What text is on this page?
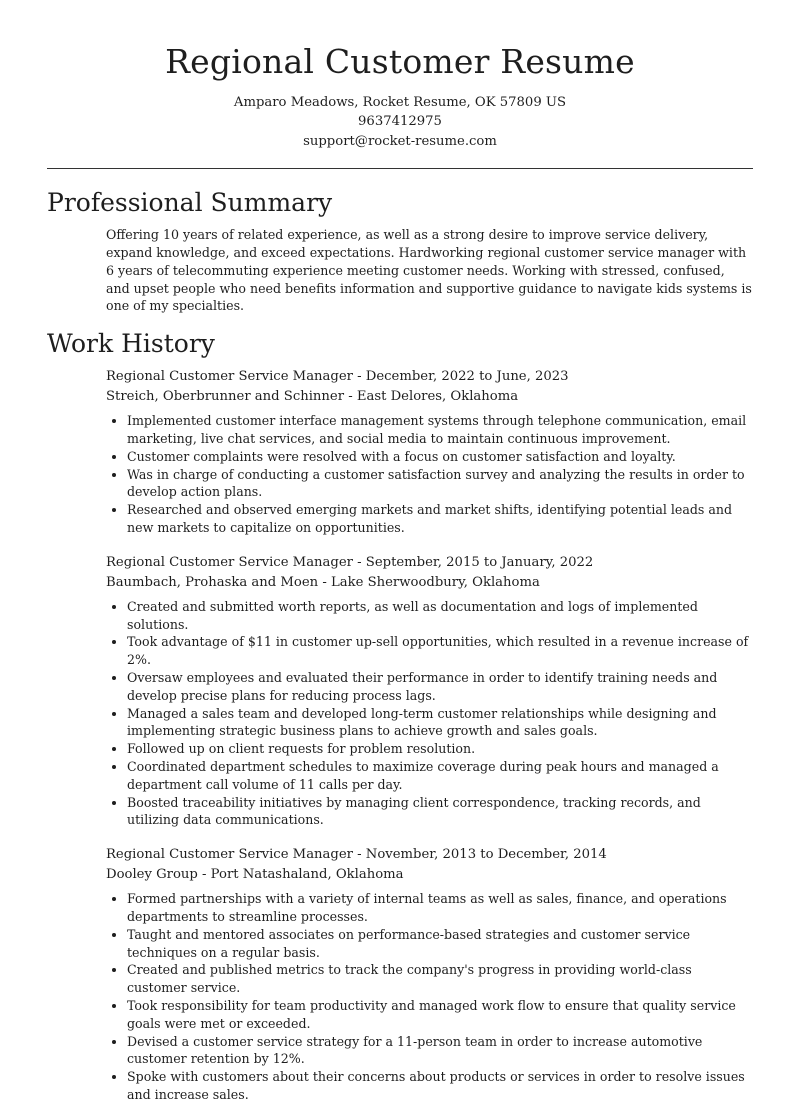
Regional Customer Resume
Amparo Meadows, Rocket Resume, OK 57809 US
9637412975
support@rocket-resume.com
Professional Summary

Offering 10 years of related experience, as well as a strong desire to improve service delivery, expand knowledge, and exceed expectations. Hardworking regional customer service manager with 6 years of telecommuting experience meeting customer needs. Working with stressed, confused, and upset people who need benefits information and supportive guidance to navigate kids systems is one of my specialties.

Work History
Regional Customer Service Manager - December, 2022 to June, 2023
Streich, Oberbrunner and Schinner - East Delores, Oklahoma
• Implemented customer interface management systems through telephone communication, email marketing, live chat services, and social media to maintain continuous improvement.
• Customer complaints were resolved with a focus on customer satisfaction and loyalty.
• Was in charge of conducting a customer satisfaction survey and analyzing the results in order to develop action plans.
• Researched and observed emerging markets and market shifts, identifying potential leads and new markets to capitalize on opportunities.
Regional Customer Service Manager - September, 2015 to January, 2022
Baumbach, Prohaska and Moen - Lake Sherwoodbury, Oklahoma
• Created and submitted worth reports, as well as documentation and logs of implemented solutions.
• Took advantage of $11 in customer up-sell opportunities, which resulted in a revenue increase of 2%.
• Oversaw employees and evaluated their performance in order to identify training needs and develop precise plans for reducing process lags.
• Managed a sales team and developed long-term customer relationships while designing and implementing strategic business plans to achieve growth and sales goals.
• Followed up on client requests for problem resolution.
• Coordinated department schedules to maximize coverage during peak hours and managed a department call volume of 11 calls per day.
• Boosted traceability initiatives by managing client correspondence, tracking records, and utilizing data communications.
Regional Customer Service Manager - November, 2013 to December, 2014
Dooley Group - Port Natashaland, Oklahoma
• Formed partnerships with a variety of internal teams as well as sales, finance, and operations departments to streamline processes.
• Taught and mentored associates on performance-based strategies and customer service techniques on a regular basis.
• Created and published metrics to track the company's progress in providing world-class customer service.
• Took responsibility for team productivity and managed work flow to ensure that quality service goals were met or exceeded.
• Devised a customer service strategy for a 11-person team in order to increase automotive customer retention by 12%.
• Spoke with customers about their concerns about products or services in order to resolve issues and increase sales.
